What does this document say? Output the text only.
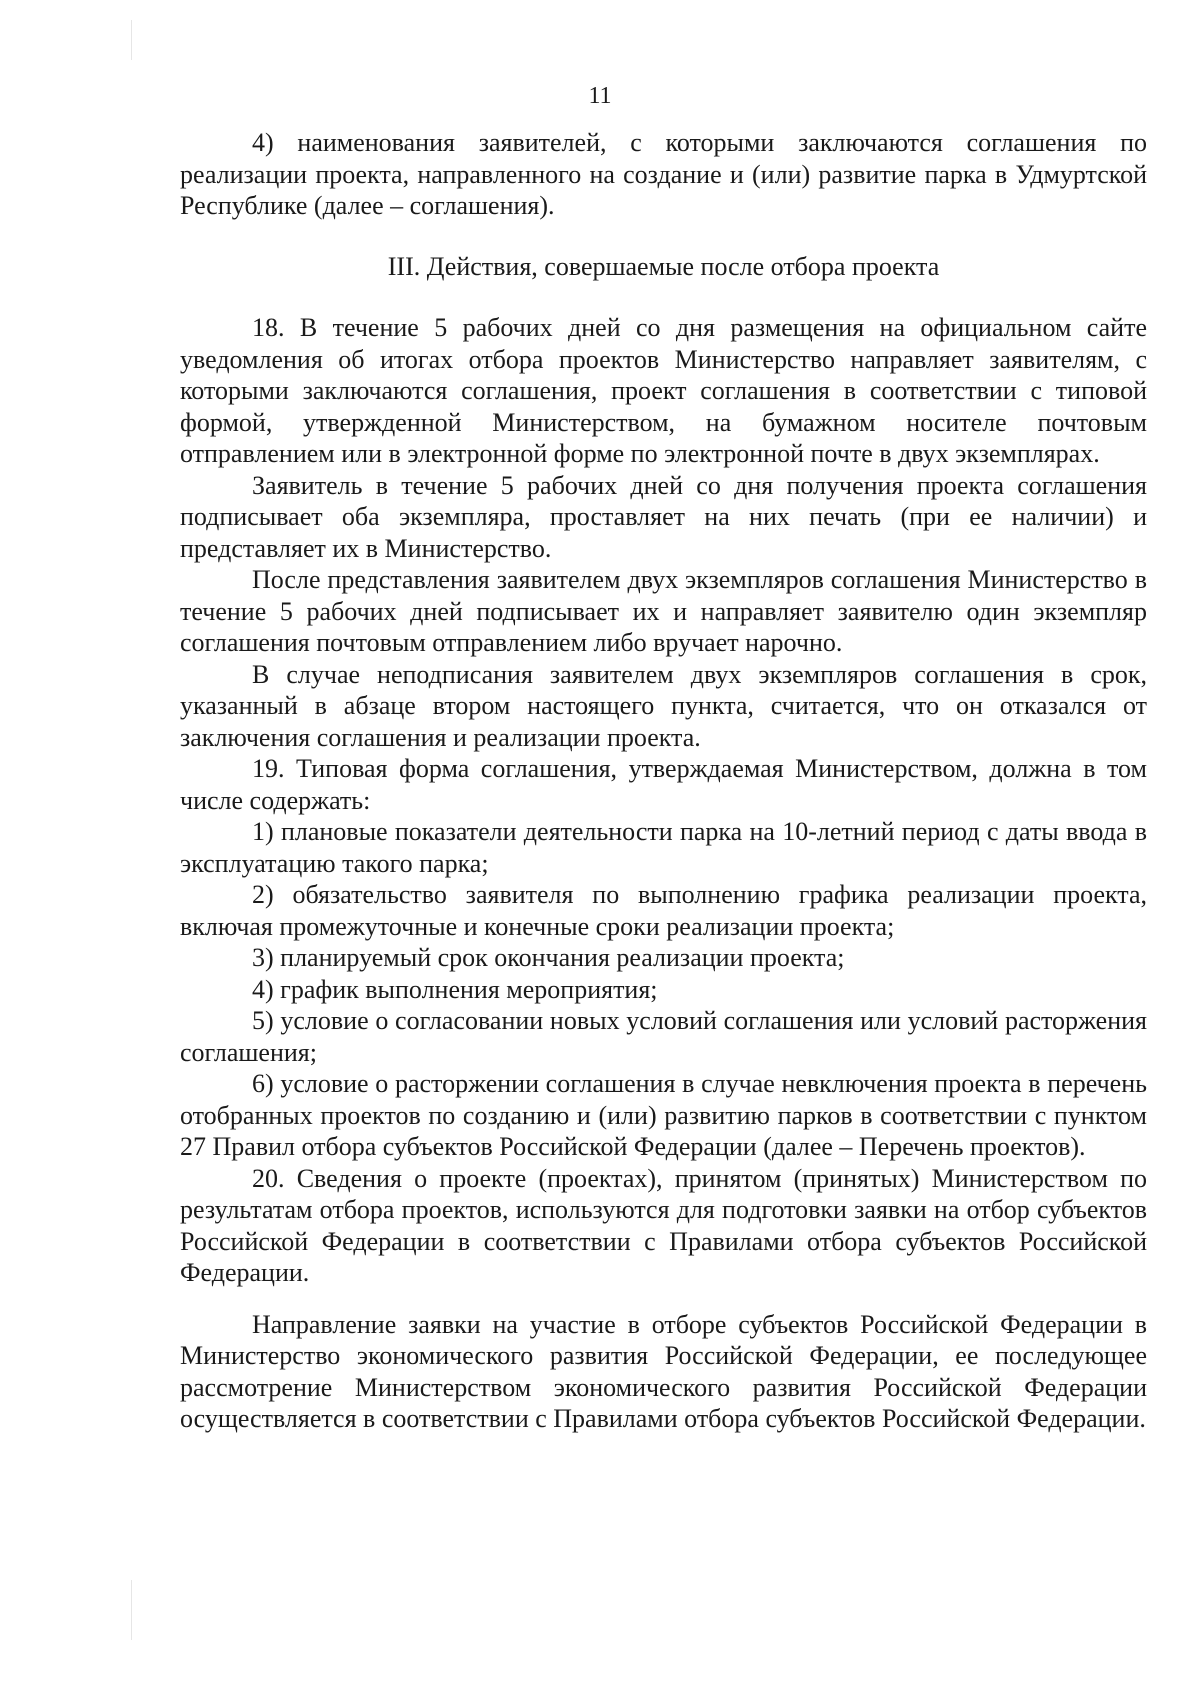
11

4) наименования заявителей, с которыми заключаются соглашения по реализации проекта, направленного на создание и (или) развитие парка в Удмуртской Республике (далее – соглашения).

III. Действия, совершаемые после отбора проекта

18. В течение 5 рабочих дней со дня размещения на официальном сайте уведомления об итогах отбора проектов Министерство направляет заявителям, с которыми заключаются соглашения, проект соглашения в соответствии с типовой формой, утвержденной Министерством, на бумажном носителе почтовым отправлением или в электронной форме по электронной почте в двух экземплярах.

Заявитель в течение 5 рабочих дней со дня получения проекта соглашения подписывает оба экземпляра, проставляет на них печать (при ее наличии) и представляет их в Министерство.

После представления заявителем двух экземпляров соглашения Министерство в течение 5 рабочих дней подписывает их и направляет заявителю один экземпляр соглашения почтовым отправлением либо вручает нарочно.

В случае неподписания заявителем двух экземпляров соглашения в срок, указанный в абзаце втором настоящего пункта, считается, что он отказался от заключения соглашения и реализации проекта.

19. Типовая форма соглашения, утверждаемая Министерством, должна в том числе содержать:

1) плановые показатели деятельности парка на 10-летний период с даты ввода в эксплуатацию такого парка;

2) обязательство заявителя по выполнению графика реализации проекта, включая промежуточные и конечные сроки реализации проекта;

3) планируемый срок окончания реализации проекта;

4) график выполнения мероприятия;

5) условие о согласовании новых условий соглашения или условий расторжения соглашения;

6) условие о расторжении соглашения в случае невключения проекта в перечень отобранных проектов по созданию и (или) развитию парков в соответствии с пунктом 27 Правил отбора субъектов Российской Федерации (далее – Перечень проектов).

20. Сведения о проекте (проектах), принятом (принятых) Министерством по результатам отбора проектов, используются для подготовки заявки на отбор субъектов Российской Федерации в соответствии с Правилами отбора субъектов Российской Федерации.

Направление заявки на участие в отборе субъектов Российской Федерации в Министерство экономического развития Российской Федерации, ее последующее рассмотрение Министерством экономического развития Российской Федерации осуществляется в соответствии с Правилами отбора субъектов Российской Федерации.
